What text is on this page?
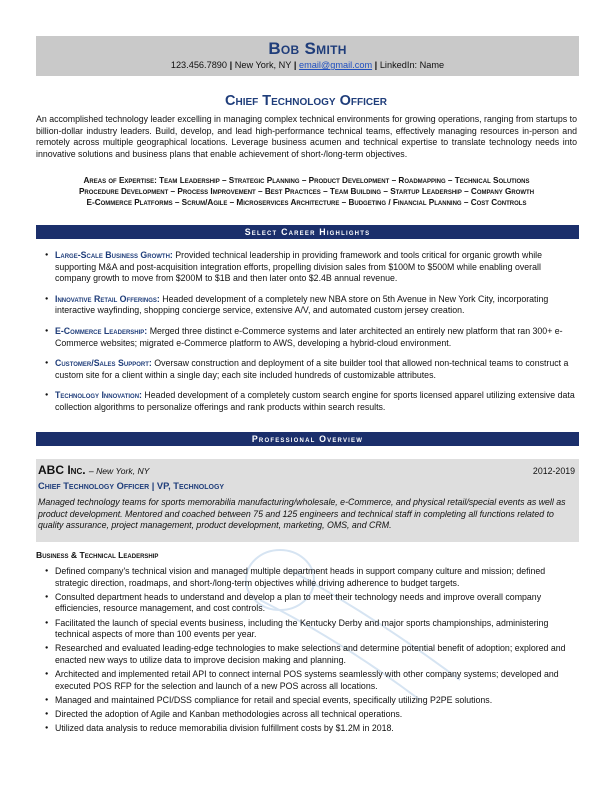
Bob Smith
123.456.7890 | New York, NY | email@gmail.com | LinkedIn: Name
Chief Technology Officer

An accomplished technology leader excelling in managing complex technical environments for growing operations, ranging from startups to billion-dollar industry leaders. Build, develop, and lead high-performance technical teams, effectively managing resources in-person and remotely across multiple geographical locations. Leverage business acumen and technical expertise to translate technology needs into innovative solutions and business plans that enable achievement of short-/long-term objectives.

Areas of Expertise: Team Leadership – Strategic Planning – Product Development – Roadmapping – Technical Solutions
Procedure Development – Process Improvement – Best Practices – Team Building – Startup Leadership – Company Growth
E-Commerce Platforms – Scrum/Agile – Microservices Architecture – Budgeting / Financial Planning – Cost Controls
Select Career Highlights
● Large-Scale Business Growth: Provided technical leadership in providing framework and tools critical for organic growth while supporting M&A and post-acquisition integration efforts, propelling division sales from $100M to $500M while enabling overall company growth to move from $200M to $1B and then later onto $2.4B annual revenue.
● Innovative Retail Offerings: Headed development of a completely new NBA store on 5th Avenue in New York City, incorporating interactive wayfinding, shopping concierge service, extensive A/V, and automated custom jersey creation.
● E-Commerce Leadership: Merged three distinct e-Commerce systems and later architected an entirely new platform that ran 300+ e-Commerce websites; migrated e-Commerce platform to AWS, developing a hybrid-cloud environment.
● Customer/Sales Support: Oversaw construction and deployment of a site builder tool that allowed non-technical teams to construct a custom site for a client within a single day; each site included hundreds of customizable attributes.
● Technology Innovation: Headed development of a completely custom search engine for sports licensed apparel utilizing extensive data collection algorithms to personalize offerings and rank products within search results.
Professional Overview
ABC Inc. – New York, NY	2012-2019
Chief Technology Officer | VP, Technology

Managed technology teams for sports memorabilia manufacturing/wholesale, e-Commerce, and physical retail/special events as well as product development. Mentored and coached between 75 and 125 engineers and technical staff in completing all functions related to quality assurance, project management, product development, marketing, OMS, and CRM.

Business & Technical Leadership
● Defined company's technical vision and managed multiple department heads in support company culture and mission; defined strategic direction, roadmaps, and short-/long-term objectives while driving adherence to budget targets.
● Consulted department heads to understand and develop a plan to meet their technology needs and improve overall company efficiencies, resource management, and cost controls.
● Facilitated the launch of special events business, including the Kentucky Derby and major sports championships, administering technical aspects of more than 100 events per year.
● Researched and evaluated leading-edge technologies to make selections and determine potential benefit of adoption; explored and enacted new ways to utilize data to improve decision making and planning.
● Architected and implemented retail API to connect internal POS systems seamlessly with other company systems; developed and executed POS RFP for the selection and launch of a new POS across all locations.
● Managed and maintained PCI/DSS compliance for retail and special events, specifically utilizing P2PE solutions.
● Directed the adoption of Agile and Kanban methodologies across all technical operations.
● Utilized data analysis to reduce memorabilia division fulfillment costs by $1.2M in 2018.
